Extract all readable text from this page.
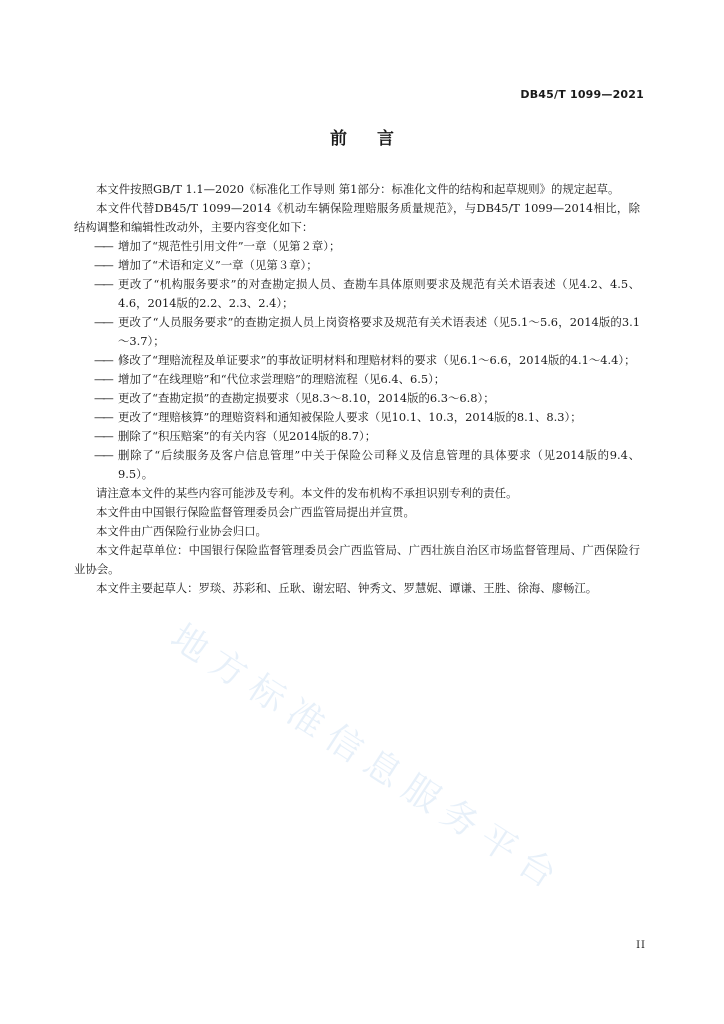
DB45/T 1099—2021
前言

本文件按照GB/T 1.1—2020《标准化工作导则 第1部分：标准化文件的结构和起草规则》的规定起草。

本文件代替DB45/T 1099—2014《机动车辆保险理赔服务质量规范》，与DB45/T 1099—2014相比，除结构调整和编辑性改动外，主要内容变化如下：

—— 增加了“规范性引用文件”一章（见第２章）；

—— 增加了“术语和定义”一章（见第３章）；

—— 更改了“机构服务要求”的对查勘定损人员、查勘车具体原则要求及规范有关术语表述（见4.2、4.5、4.6，2014版的2.2、2.3、2.4）；

—— 更改了“人员服务要求”的查勘定损人员上岗资格要求及规范有关术语表述（见5.1～5.6，2014版的3.1～3.7）；

—— 修改了“理赔流程及单证要求”的事故证明材料和理赔材料的要求（见6.1～6.6，2014版的4.1～4.4）；

—— 增加了“在线理赔”和“代位求尝理赔”的理赔流程（见6.4、6.5）；

—— 更改了“查勘定损”的查勘定损要求（见8.3～8.10，2014版的6.3～6.8）；

—— 更改了“理赔核算”的理赔资料和通知被保险人要求（见10.1、10.3，2014版的8.1、8.3）；

—— 删除了“积压赔案”的有关内容（见2014版的8.7）；

—— 删除了“后续服务及客户信息管理”中关于保险公司释义及信息管理的具体要求（见2014版的9.4、9.5）。

请注意本文件的某些内容可能涉及专利。本文件的发布机构不承担识别专利的责任。

本文件由中国银行保险监督管理委员会广西监管局提出并宣贯。

本文件由广西保险行业协会归口。

本文件起草单位：中国银行保险监督管理委员会广西监管局、广西壮族自治区市场监督管理局、广西保险行业协会。

本文件主要起草人：罗琰、苏彩和、丘耿、谢宏昭、钟秀文、罗慧妮、谭谦、王胜、徐海、廖畅江。

地方标准信息服务平台
II
